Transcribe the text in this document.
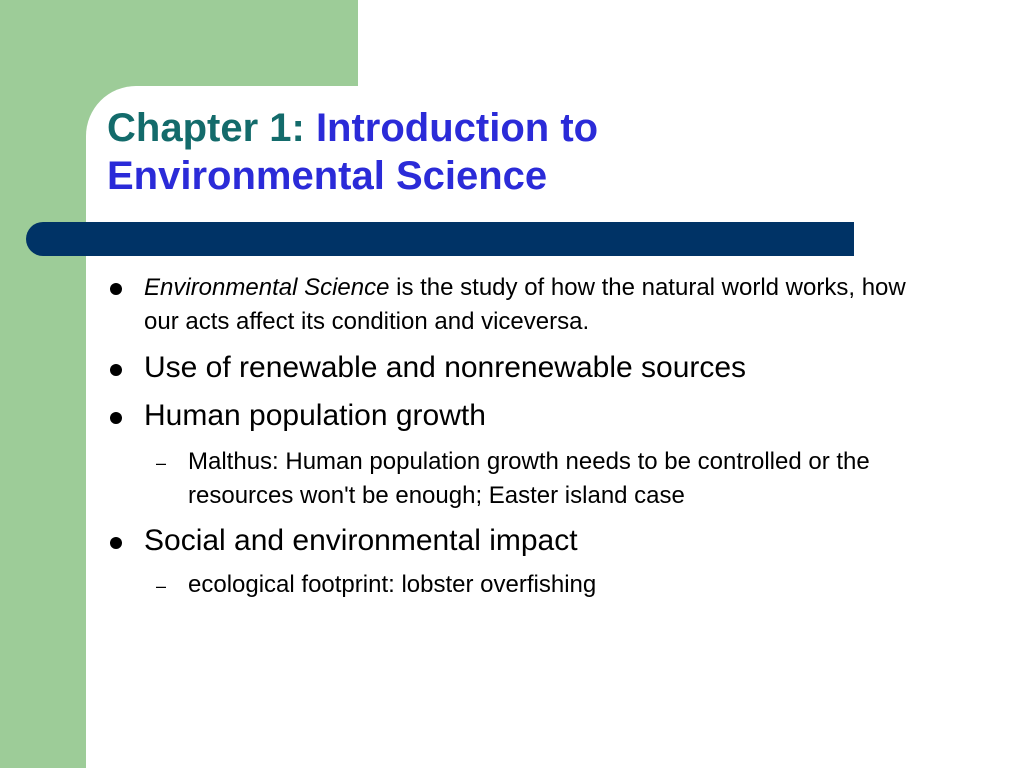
Chapter 1: Introduction to Environmental Science
Environmental Science is the study of how the natural world works, how our acts affect its condition and viceversa.
Use of renewable and nonrenewable sources
Human population growth
– Malthus: Human population growth needs to be controlled or the resources won't be enough; Easter island case
Social and environmental impact
– ecological footprint: lobster overfishing
